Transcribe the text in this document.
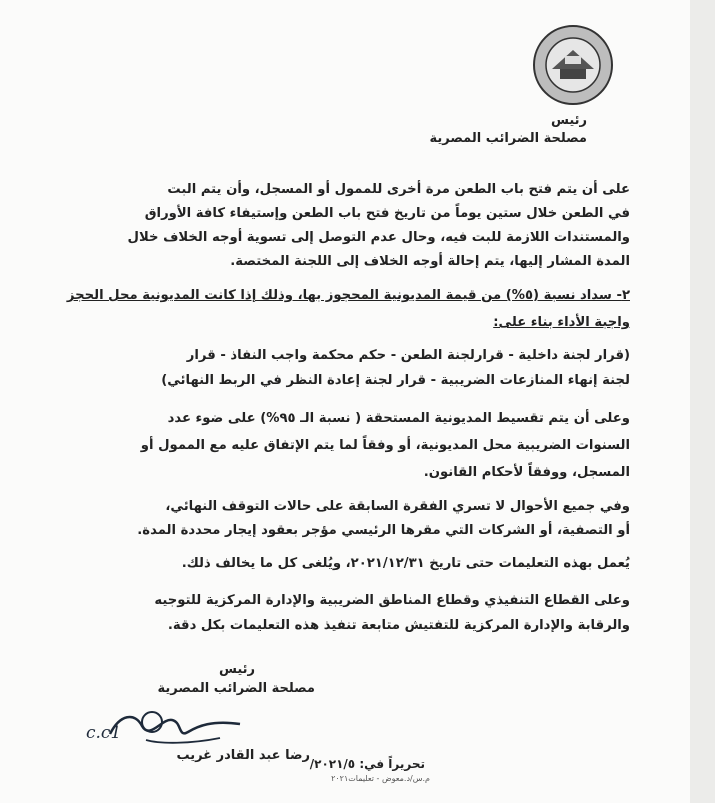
رئيس
مصلحة الضرائب المصرية
على أن يتم فتح باب الطعن مرة أخرى للممول أو المسجل، وأن يتم البت
في الطعن خلال ستين يوماً من تاريخ فتح باب الطعن وإستيفاء كافة الأوراق
والمستندات اللازمة للبت فيه، وحال عدم التوصل إلى تسوية أوجه الخلاف خلال
المدة المشار إليها، يتم إحالة أوجه الخلاف إلى اللجنة المختصة.
٢- سداد نسبة (٥%) من قيمة المديونية المحجوز بها، وذلك إذا كانت المديونية محل الحجز
واجبة الأداء بناء على:
(قرار لجنة داخلية - قرارلجنة الطعن - حكم محكمة واجب النفاذ - قرار
لجنة إنهاء المنازعات الضريبية - قرار لجنة إعادة النظر في الربط النهائي)
وعلى أن يتم تقسيط المديونية المستحقة ( نسبة الـ ٩٥%) على ضوء عدد
السنوات الضريبية محل المديونية، أو وفقاً لما يتم الإتفاق عليه مع الممول أو
المسجل، ووفقاً لأحكام القانون.
وفي جميع الأحوال لا تسري الفقرة السابقة على حالات التوقف النهائي،
أو التصفية، أو الشركات التي مقرها الرئيسي مؤجر بعقود إيجار محددة المدة.
يُعمل بهذه التعليمات حتى تاريخ ٢٠٢١/١٢/٣١، ويُلغى كل ما يخالف ذلك.
وعلى القطاع التنفيذي وقطاع المناطق الضريبية والإدارة المركزية للتوجيه
والرقابة والإدارة المركزية للتفتيش متابعة تنفيذ هذه التعليمات بكل دقة.
رئيس
مصلحة الضرائب المصرية
c.c1
رضا عبد القادر غريب
تحريراً في: ٢٠٢١/٥/
م.س/د.معوض - تعليمات٢٠٢١
